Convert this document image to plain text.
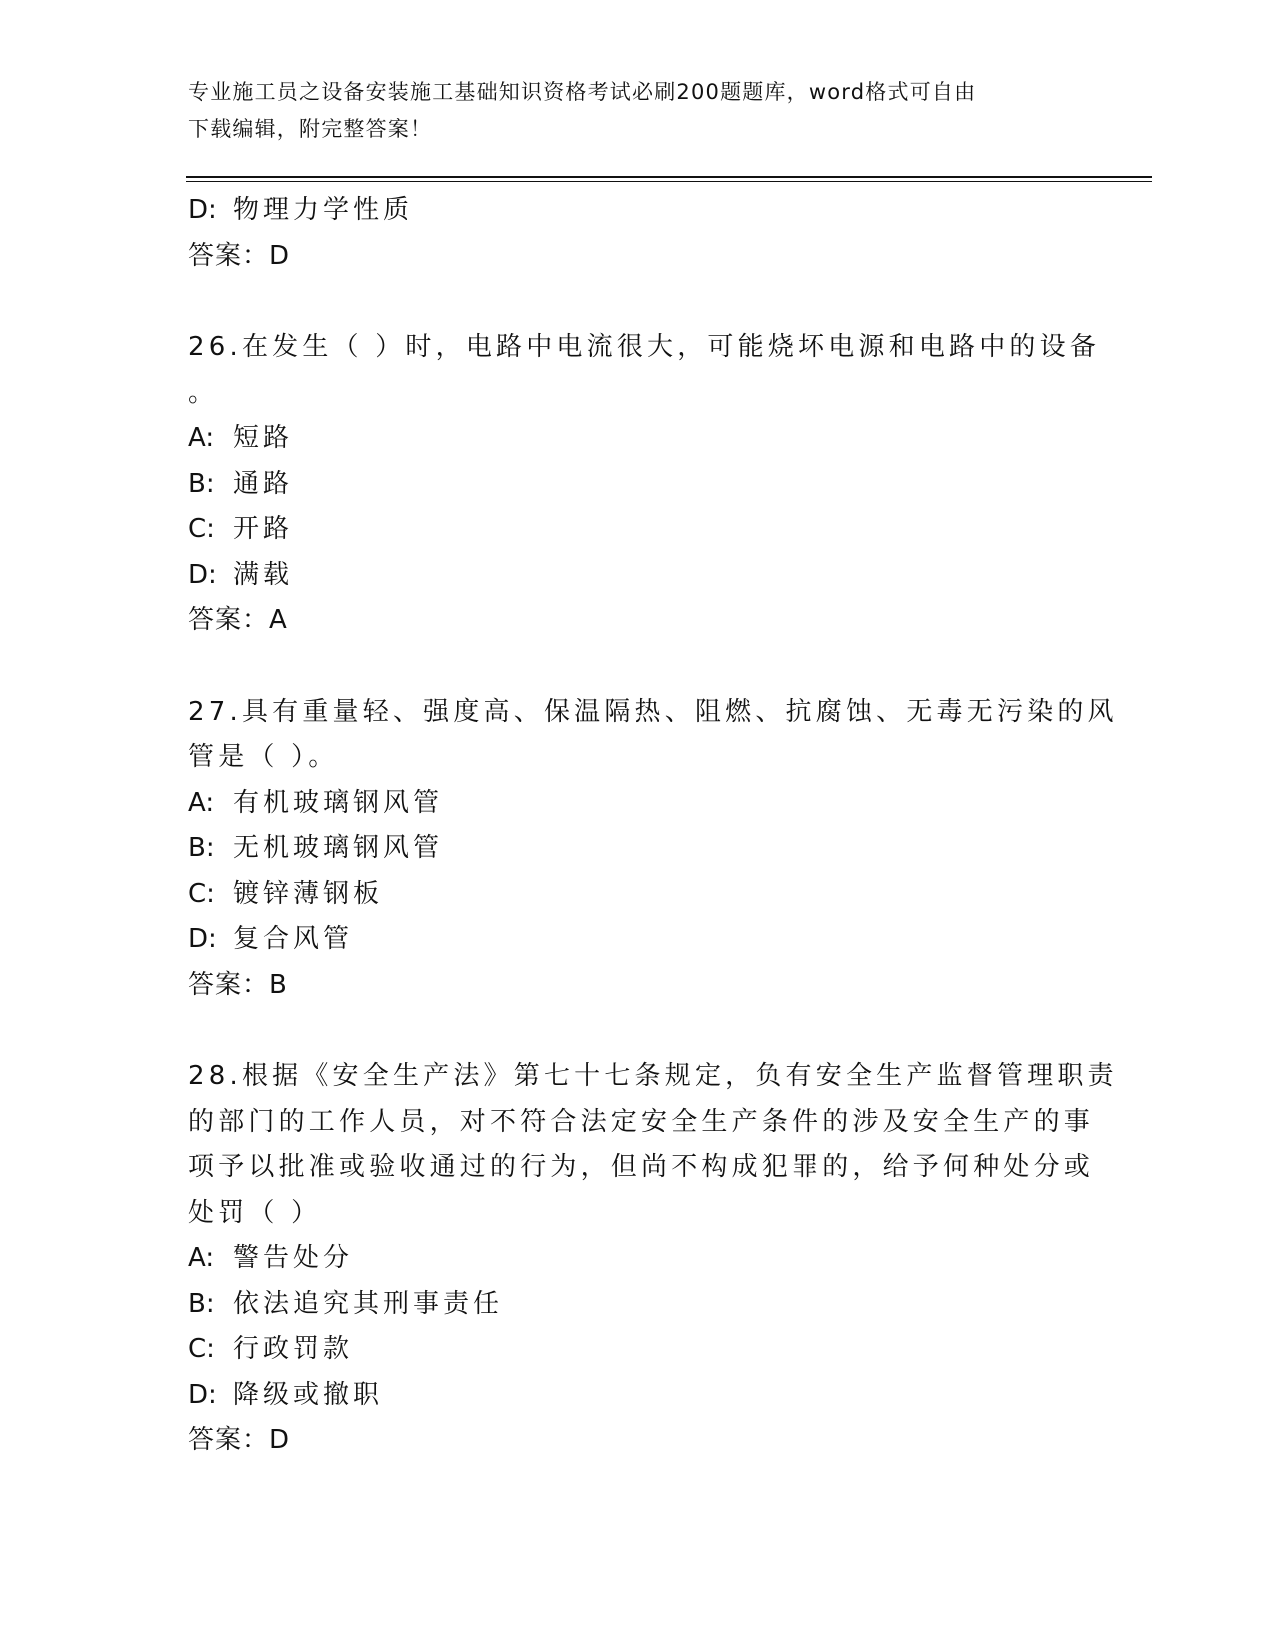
专业施工员之设备安装施工基础知识资格考试必刷200题题库，word格式可自由
下载编辑，附完整答案！
D: 物理力学性质
答案：D
26.在发生（ ）时，电路中电流很大，可能烧坏电源和电路中的设备
。
A: 短路
B: 通路
C: 开路
D: 满载
答案：A
27.具有重量轻、强度高、保温隔热、阻燃、抗腐蚀、无毒无污染的风
管是（ ）。
A: 有机玻璃钢风管
B: 无机玻璃钢风管
C: 镀锌薄钢板
D: 复合风管
答案：B
28.根据《安全生产法》第七十七条规定，负有安全生产监督管理职责
的部门的工作人员，对不符合法定安全生产条件的涉及安全生产的事
项予以批准或验收通过的行为，但尚不构成犯罪的，给予何种处分或
处罚（ ）
A: 警告处分
B: 依法追究其刑事责任
C: 行政罚款
D: 降级或撤职
答案：D
